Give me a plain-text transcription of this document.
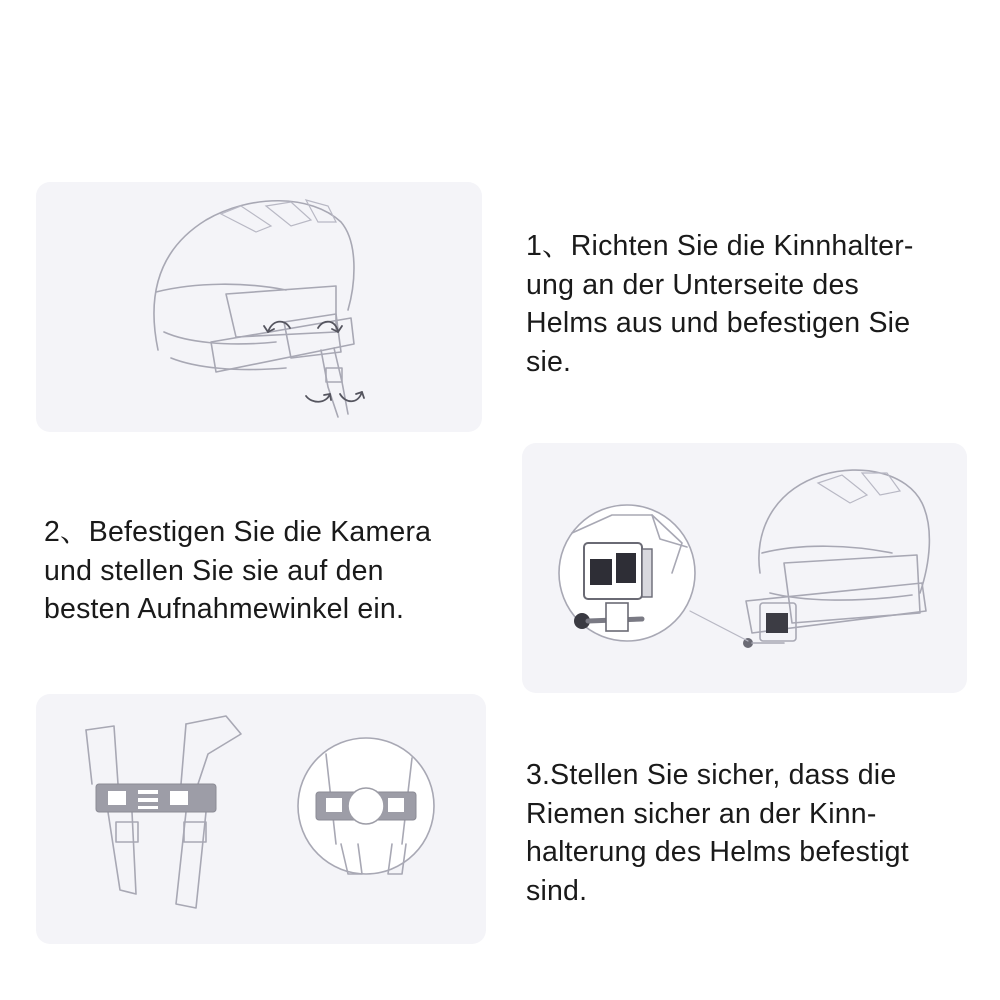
1、Richten Sie die Kinnhalter-
ung an der Unterseite des
Helms aus und befestigen Sie
sie.
2、Befestigen Sie die Kamera
und stellen Sie sie auf den
besten Aufnahmewinkel ein.
3.Stellen Sie sicher, dass die
Riemen sicher an der Kinn-
halterung des Helms befestigt
sind.
